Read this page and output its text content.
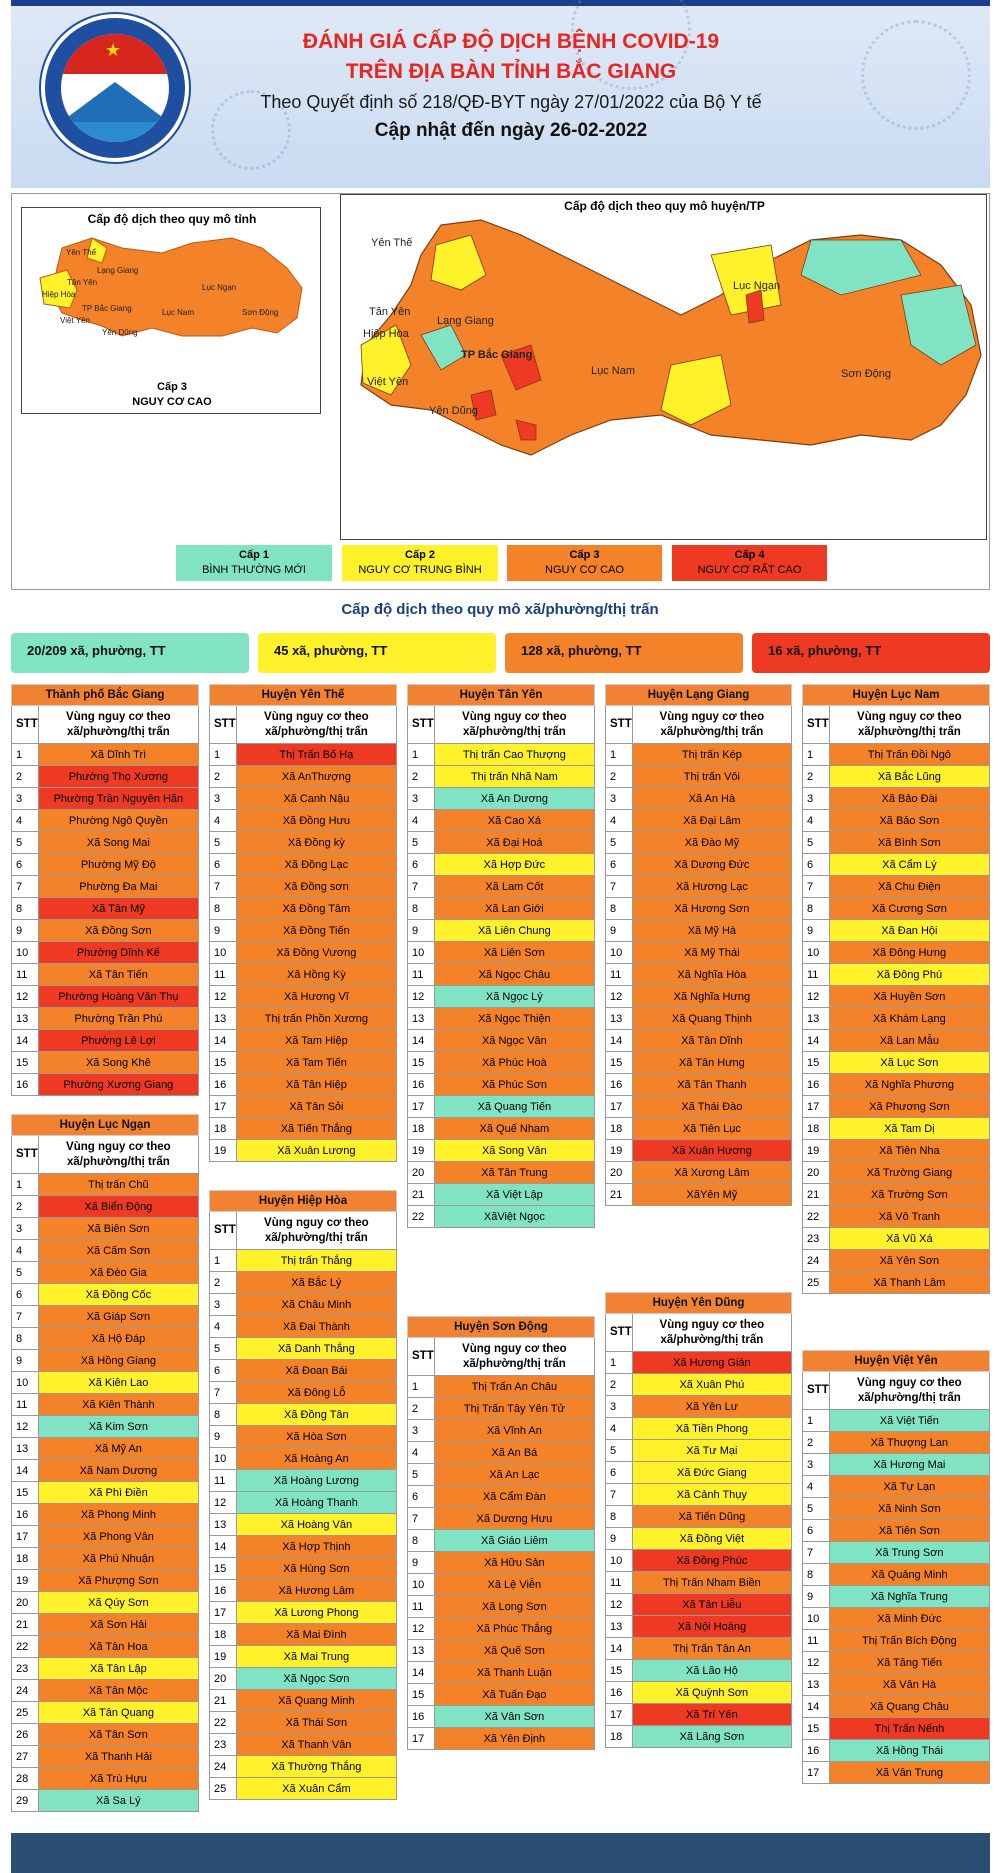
★	ĐÁNH GIÁ CẤP ĐỘ DỊCH BỆNH COVID-19
TRÊN ĐỊA BÀN TỈNH BẮC GIANG
Theo Quyết định số 218/QĐ-BYT ngày 27/01/2022 của Bộ Y tế
Cập nhật đến ngày 26-02-2022
Cấp độ dịch theo quy mô tỉnh
Yên Thế
Tân Yên
Hiệp Hòa
Việt Yên
TP Bắc Giang
Lạng Giang
Yên Dũng
Lục Nam
Lục Ngạn
Sơn Động
Cấp 3
NGUY CƠ CAO
Cấp độ dịch theo quy mô huyện/TP
Yên Thế
Tân Yên
Lạng Giang
Hiệp Hòa
TP Bắc Giang
Việt Yên
Yên Dũng
Lục Nam
Lục Ngạn
Sơn Động
Cấp 1
BÌNH THƯỜNG MỚI
Cấp 2
NGUY CƠ TRUNG BÌNH
Cấp 3
NGUY CƠ CAO
Cấp 4
NGUY CƠ RẤT CAO
Cấp độ dịch theo quy mô xã/phường/thị trấn
20/209 xã, phường, TT	45 xã, phường, TT	128 xã, phường, TT	16 xã, phường, TT
Thành phố Bắc Giang	
STT	Vùng nguy cơ theo xã/phường/thị trấn
1	Xã Dĩnh Trì
2	Phường Thọ Xương
3	Phường Trần Nguyên Hãn
4	Phường Ngô Quyền
5	Xã Song Mai
6	Phường Mỹ Độ
7	Phường Đa Mai
8	Xã Tân Mỹ
9	Xã Đồng Sơn
10	Phường Dĩnh Kế
11	Xã Tân Tiến
12	Phường Hoàng Văn Thụ
13	Phường Trần Phú
14	Phường Lê Lợi
15	Xã Song Khê
16	Phường Xương Giang
Huyện Lục Ngạn	
STT	Vùng nguy cơ theo xã/phường/thị trấn
1	Thị trấn Chũ
2	Xã Biển Động
3	Xã Biên Sơn
4	Xã Cấm Sơn
5	Xã Đèo Gia
6	Xã Đồng Cốc
7	Xã Giáp Sơn
8	Xã Hộ Đáp
9	Xã Hồng Giang
10	Xã Kiên Lao
11	Xã Kiên Thành
12	Xã Kim Sơn
13	Xã Mỹ An
14	Xã Nam Dương
15	Xã Phì Điền
16	Xã Phong Minh
17	Xã Phong Vân
18	Xã Phú Nhuận
19	Xã Phượng Sơn
20	Xã Qúy Sơn
21	Xã Sơn Hải
22	Xã Tân Hoa
23	Xã Tân Lập
24	Xã Tân Mộc
25	Xã Tân Quang
26	Xã Tân Sơn
27	Xã Thanh Hải
28	Xã Trù Hựu
29	Xã Sa Lý
Huyện Yên Thế	
STT	Vùng nguy cơ theo xã/phường/thị trấn
1	Thị Trấn Bố Hạ
2	Xã AnThượng
3	Xã Canh Nậu
4	Xã Đồng Hưu
5	Xã Đồng kỳ
6	Xã Đồng Lạc
7	Xã Đồng sơn
8	Xã Đồng Tâm
9	Xã Đồng Tiến
10	Xã Đồng Vương
11	Xã Hồng Kỳ
12	Xã Hương Vĩ
13	Thị trấn Phồn Xương
14	Xã Tam Hiệp
15	Xã Tam Tiến
16	Xã Tân Hiệp
17	Xã Tân Sỏi
18	Xã Tiến Thắng
19	Xã Xuân Lương
Huyện Hiệp Hòa	
STT	Vùng nguy cơ theo xã/phường/thị trấn
1	Thị trấn Thắng
2	Xã Bắc Lý
3	Xã Châu Minh
4	Xã Đại Thành
5	Xã Danh Thắng
6	Xã Đoan Bái
7	Xã Đông Lỗ
8	Xã Đồng Tân
9	Xã Hòa Sơn
10	Xã Hoàng An
11	Xã Hoàng Lương
12	Xã Hoàng Thanh
13	Xã Hoàng Vân
14	Xã Hợp Thịnh
15	Xã Hùng Sơn
16	Xã Hương Lâm
17	Xã Lương Phong
18	Xã Mai Đình
19	Xã Mai Trung
20	Xã Ngọc Sơn
21	Xã Quang Minh
22	Xã Thái Sơn
23	Xã Thanh Vân
24	Xã Thường Thắng
25	Xã Xuân Cẩm
Huyện Tân Yên	
STT	Vùng nguy cơ theo xã/phường/thị trấn
1	Thị trấn Cao Thượng
2	Thị trấn Nhã Nam
3	Xã An Dương
4	Xã Cao Xá
5	Xã Đại Hoá
6	Xã Hợp Đức
7	Xã Lam Cốt
8	Xã Lan Giới
9	Xã Liên Chung
10	Xã Liên Sơn
11	Xã Ngọc Châu
12	Xã Ngọc Lý
13	Xã Ngọc Thiện
14	Xã Ngọc Vân
15	Xã Phúc Hoà
16	Xã Phúc Sơn
17	Xã Quang Tiến
18	Xã Quế Nham
19	Xã Song Vân
20	Xã Tân Trung
21	Xã Việt Lập
22	XãViệt Ngọc
Huyện Sơn Động	
STT	Vùng nguy cơ theo xã/phường/thị trấn
1	Thị Trấn An Châu
2	Thị Trấn Tây Yên Tử
3	Xã Vĩnh An
4	Xã An Bá
5	Xã An Lạc
6	Xã Cẩm Đàn
7	Xã Dương Hưu
8	Xã Giáo Liêm
9	Xã Hữu Sản
10	Xã Lệ Viễn
11	Xã Long Sơn
12	Xã Phúc Thắng
13	Xã Quế Sơn
14	Xã Thanh Luận
15	Xã Tuấn Đạo
16	Xã Vân Sơn
17	Xã Yên Định
Huyện Lạng Giang	
STT	Vùng nguy cơ theo xã/phường/thị trấn
1	Thị trấn Kép
2	Thị trấn Vôi
3	Xã An Hà
4	Xã Đại Lâm
5	Xã Đào Mỹ
6	Xã Dương Đức
7	Xã Hương Lạc
8	Xã Hương Sơn
9	Xã Mỹ Hà
10	Xã Mỹ Thái
11	Xã Nghĩa Hòa
12	Xã Nghĩa Hưng
13	Xã Quang Thịnh
14	Xã Tân Dĩnh
15	Xã Tân Hưng
16	Xã Tân Thanh
17	Xã Thái Đào
18	Xã Tiên Lục
19	Xã Xuân Hương
20	Xã Xương Lâm
21	XãYên Mỹ
Huyện Yên Dũng	
STT	Vùng nguy cơ theo xã/phường/thị trấn
1	Xã Hương Gián
2	Xã Xuân Phú
3	Xã Yên Lư
4	Xã Tiền Phong
5	Xã Tư Mại
6	Xã Đức Giang
7	Xã Cảnh Thụy
8	Xã Tiến Dũng
9	Xã Đồng Việt
10	Xã Đồng Phúc
11	Thị Trấn Nham Biền
12	Xã Tân Liễu
13	Xã Nội Hoàng
14	Thị Trấn Tân An
15	Xã Lão Hộ
16	Xã Quỳnh Sơn
17	Xã Trí Yên
18	Xã Lãng Sơn
Huyện Lục Nam	
STT	Vùng nguy cơ theo xã/phường/thị trấn
1	Thị Trấn Đồi Ngô
2	Xã Bắc Lũng
3	Xã Bảo Đài
4	Xã Bảo Sơn
5	Xã Bình Sơn
6	Xã Cẩm Lý
7	Xã Chu Điện
8	Xã Cương Sơn
9	Xã Đan Hội
10	Xã Đông Hưng
11	Xã Đông Phú
12	Xã Huyền Sơn
13	Xã Khám Lạng
14	Xã Lan Mẫu
15	Xã Lục Sơn
16	Xã Nghĩa Phương
17	Xã Phương Sơn
18	Xã Tam Dị
19	Xã Tiên Nha
20	Xã Trường Giang
21	Xã Trường Sơn
22	Xã Vô Tranh
23	Xã Vũ Xá
24	Xã Yên Sơn
25	Xã Thanh Lâm
Huyện Việt Yên	
STT	Vùng nguy cơ theo xã/phường/thị trấn
1	Xã Việt Tiến
2	Xã Thượng Lan
3	Xã Hương Mai
4	Xã Tự Lạn
5	Xã Ninh Sơn
6	Xã Tiên Sơn
7	Xã Trung Sơn
8	Xã Quảng Minh
9	Xã Nghĩa Trung
10	Xã Minh Đức
11	Thị Trấn Bích Động
12	Xã Tăng Tiến
13	Xã Vân Hà
14	Xã Quang Châu
15	Thị Trấn Nếnh
16	Xã Hồng Thái
17	Xã Vân Trung
